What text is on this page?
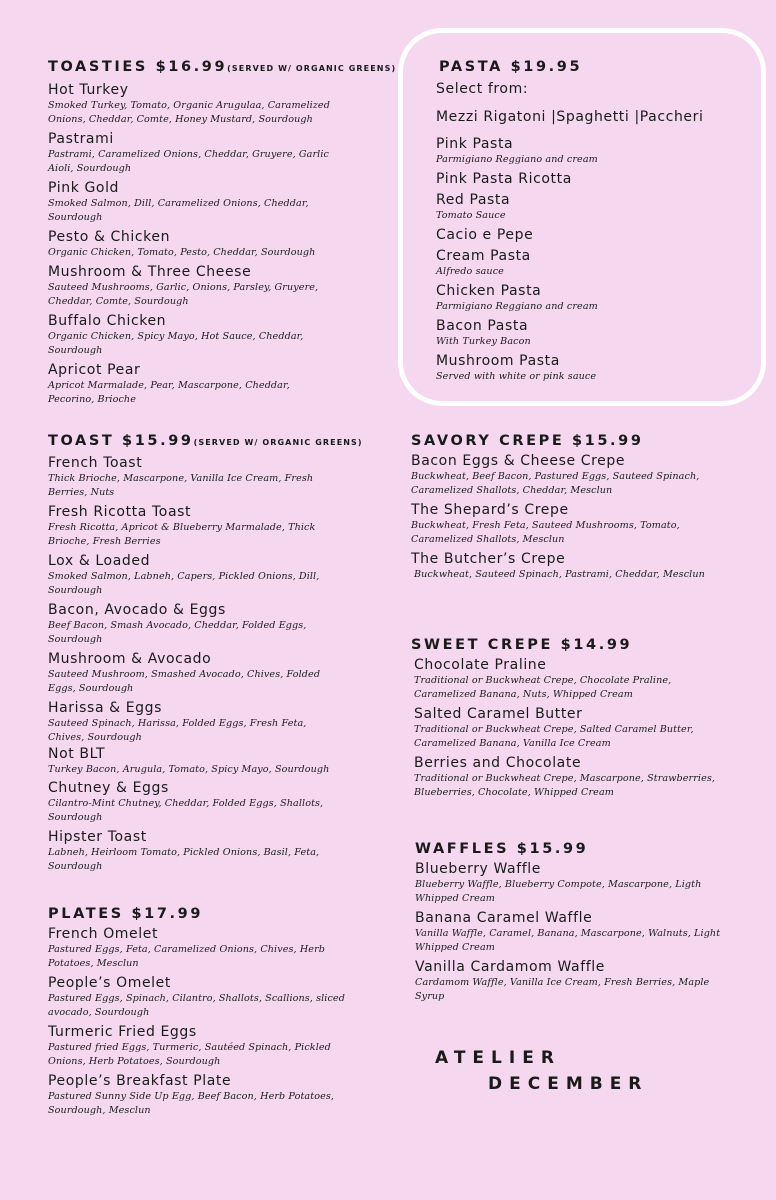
TOASTIES $16.99(SERVED W/ ORGANIC GREENS)
Hot Turkey
Smoked Turkey, Tomato, Organic Arugulaa, Caramelized Onions, Cheddar, Comte, Honey Mustard, Sourdough
Pastrami
Pastrami, Caramelized Onions, Cheddar, Gruyere, Garlic Aioli, Sourdough
Pink Gold
Smoked Salmon, Dill, Caramelized Onions, Cheddar, Sourdough
Pesto & Chicken
Organic Chicken, Tomato, Pesto, Cheddar, Sourdough
Mushroom & Three Cheese
Sauteed Mushrooms, Garlic, Onions, Parsley, Gruyere, Cheddar, Comte, Sourdough
Buffalo Chicken
Organic Chicken, Spicy Mayo, Hot Sauce, Cheddar, Sourdough
Apricot Pear
Apricot Marmalade, Pear, Mascarpone, Cheddar, Pecorino, Brioche
PASTA $19.95
Select from:
Mezzi Rigatoni |Spaghetti |Paccheri
Pink Pasta
Parmigiano Reggiano and cream
Pink Pasta Ricotta
Red Pasta
Tomato Sauce
Cacio e Pepe
Cream Pasta
Alfredo sauce
Chicken Pasta
Parmigiano Reggiano and cream
Bacon Pasta
With Turkey Bacon
Mushroom Pasta
Served with white or pink sauce
TOAST $15.99(SERVED W/ ORGANIC GREENS)
French Toast
Thick Brioche, Mascarpone, Vanilla Ice Cream, Fresh Berries, Nuts
Fresh Ricotta Toast
Fresh Ricotta, Apricot & Blueberry Marmalade, Thick Brioche, Fresh Berries
Lox & Loaded
Smoked Salmon, Labneh, Capers, Pickled Onions, Dill, Sourdough
Bacon, Avocado & Eggs
Beef Bacon, Smash Avocado, Cheddar, Folded Eggs, Sourdough
Mushroom & Avocado
Sauteed Mushroom, Smashed Avocado, Chives, Folded Eggs, Sourdough
Harissa & Eggs
Sauteed Spinach, Harissa, Folded Eggs, Fresh Feta, Chives, Sourdough
Not BLT
Turkey Bacon, Arugula, Tomato, Spicy Mayo, Sourdough
Chutney & Eggs
Cilantro-Mint Chutney, Cheddar, Folded Eggs, Shallots, Sourdough
Hipster Toast
Labneh, Heirloom Tomato, Pickled Onions, Basil, Feta, Sourdough
PLATES $17.99
French Omelet
Pastured Eggs, Feta, Caramelized Onions, Chives, Herb Potatoes, Mesclun
People’s Omelet
Pastured Eggs, Spinach, Cilantro, Shallots, Scallions, sliced avocado, Sourdough
Turmeric Fried Eggs
Pastured fried Eggs, Turmeric, Sautéed Spinach, Pickled Onions, Herb Potatoes, Sourdough
People’s Breakfast Plate
Pastured Sunny Side Up Egg, Beef Bacon, Herb Potatoes, Sourdough, Mesclun
SAVORY CREPE $15.99
Bacon Eggs & Cheese Crepe
Buckwheat, Beef Bacon, Pastured Eggs, Sauteed Spinach, Caramelized Shallots, Cheddar, Mesclun
The Shepard’s Crepe
Buckwheat, Fresh Feta, Sauteed Mushrooms, Tomato, Caramelized Shallots, Mesclun
The Butcher’s Crepe
Buckwheat, Sauteed Spinach, Pastrami, Cheddar, Mesclun
SWEET CREPE $14.99
Chocolate Praline
Traditional or Buckwheat Crepe, Chocolate Praline, Caramelized Banana, Nuts, Whipped Cream
Salted Caramel Butter
Traditional or Buckwheat Crepe, Salted Caramel Butter, Caramelized Banana, Vanilla Ice Cream
Berries and Chocolate
Traditional or Buckwheat Crepe, Mascarpone, Strawberries, Blueberries, Chocolate, Whipped Cream
WAFFLES $15.99
Blueberry Waffle
Blueberry Waffle, Blueberry Compote, Mascarpone, Ligth Whipped Cream
Banana Caramel Waffle
Vanilla Waffle, Caramel, Banana, Mascarpone, Walnuts, Light Whipped Cream
Vanilla Cardamom Waffle
Cardamom Waffle, Vanilla Ice Cream, Fresh Berries, Maple Syrup
ATELIER
DECEMBER
